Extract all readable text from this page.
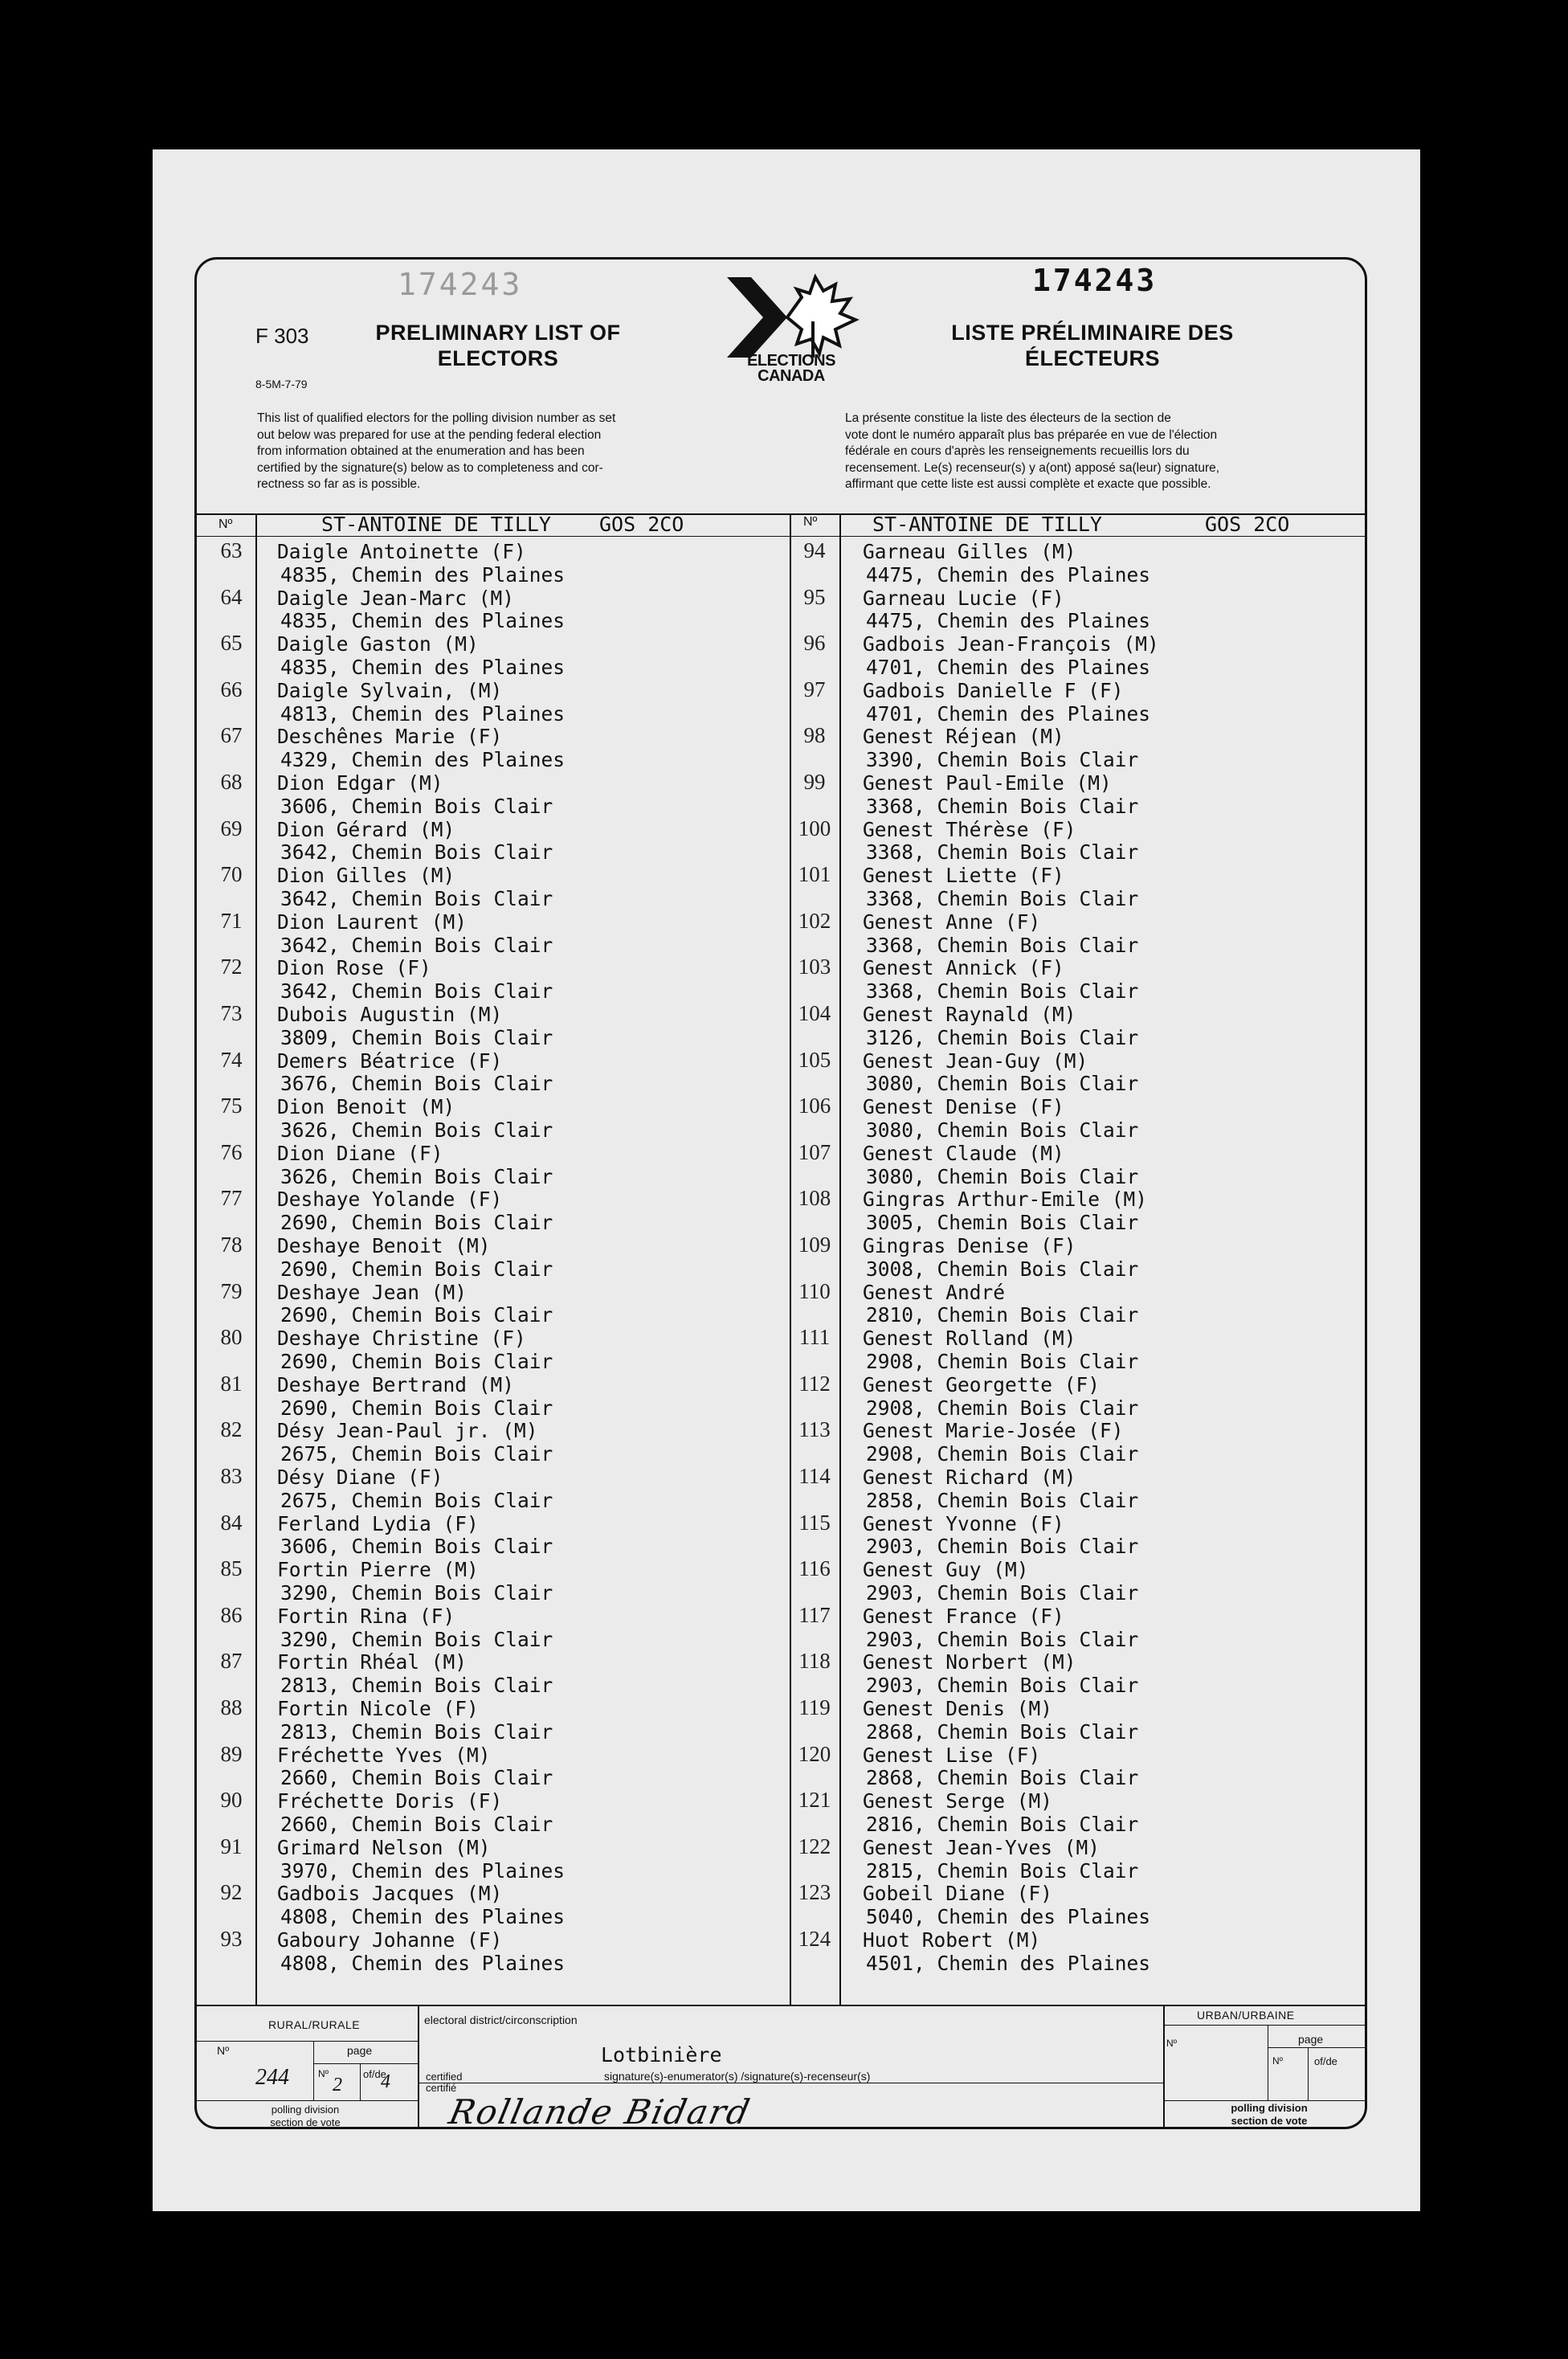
F 303
8-5M-7-79
PRELIMINARY LIST OF
ELECTORS	ELECTIONS
CANADA
174243	174243
LISTE PRÉLIMINAIRE DES
ÉLECTEURS
This list of qualified electors for the polling division number as set
out below was prepared for use at the pending federal election
from information obtained at the enumeration and has been
certified by the signature(s) below as to completeness and cor-
rectness so far as is possible.
La présente constitue la liste des électeurs de la section de
vote dont le numéro apparaît plus bas préparée en vue de l'élection
fédérale en cours d'après les renseignements recueillis lors du
recensement. Le(s) recenseur(s) y a(ont) apposé sa(leur) signature,
affirmant que cette liste est aussi complète et exacte que possible.
Nº	ST-ANTOINE DE TILLY GOS 2CO	Nº	ST-ANTOINE DE TILLY	GOS 2CO
63	Daigle Antoinette (F)
4835, Chemin des Plaines
64	Daigle Jean-Marc (M)
4835, Chemin des Plaines
65	Daigle Gaston (M)
4835, Chemin des Plaines
66	Daigle Sylvain, (M)
4813, Chemin des Plaines
67	Deschênes Marie (F)
4329, Chemin des Plaines
68	Dion Edgar (M)
3606, Chemin Bois Clair
69	Dion Gérard (M)
3642, Chemin Bois Clair
70	Dion Gilles (M)
3642, Chemin Bois Clair
71	Dion Laurent (M)
3642, Chemin Bois Clair
72	Dion Rose (F)
3642, Chemin Bois Clair
73	Dubois Augustin (M)
3809, Chemin Bois Clair
74	Demers Béatrice (F)
3676, Chemin Bois Clair
75	Dion Benoit (M)
3626, Chemin Bois Clair
76	Dion Diane (F)
3626, Chemin Bois Clair
77	Deshaye Yolande (F)
2690, Chemin Bois Clair
78	Deshaye Benoit (M)
2690, Chemin Bois Clair
79	Deshaye Jean (M)
2690, Chemin Bois Clair
80	Deshaye Christine (F)
2690, Chemin Bois Clair
81	Deshaye Bertrand (M)
2690, Chemin Bois Clair
82	Désy Jean-Paul jr. (M)
2675, Chemin Bois Clair
83	Désy Diane (F)
2675, Chemin Bois Clair
84	Ferland Lydia (F)
3606, Chemin Bois Clair
85	Fortin Pierre (M)
3290, Chemin Bois Clair
86	Fortin Rina (F)
3290, Chemin Bois Clair
87	Fortin Rhéal (M)
2813, Chemin Bois Clair
88	Fortin Nicole (F)
2813, Chemin Bois Clair
89	Fréchette Yves (M)
2660, Chemin Bois Clair
90	Fréchette Doris (F)
2660, Chemin Bois Clair
91	Grimard Nelson (M)
3970, Chemin des Plaines
92	Gadbois Jacques (M)
4808, Chemin des Plaines
93	Gaboury Johanne (F)
4808, Chemin des Plaines
94	Garneau Gilles (M)
4475, Chemin des Plaines
95	Garneau Lucie (F)
4475, Chemin des Plaines
96	Gadbois Jean-François (M)
4701, Chemin des Plaines
97	Gadbois Danielle F (F)
4701, Chemin des Plaines
98	Genest Réjean (M)
3390, Chemin Bois Clair
99	Genest Paul-Emile (M)
3368, Chemin Bois Clair
100	Genest Thérèse (F)
3368, Chemin Bois Clair
101	Genest Liette (F)
3368, Chemin Bois Clair
102	Genest Anne (F)
3368, Chemin Bois Clair
103	Genest Annick (F)
3368, Chemin Bois Clair
104	Genest Raynald (M)
3126, Chemin Bois Clair
105	Genest Jean-Guy (M)
3080, Chemin Bois Clair
106	Genest Denise (F)
3080, Chemin Bois Clair
107	Genest Claude (M)
3080, Chemin Bois Clair
108	Gingras Arthur-Emile (M)
3005, Chemin Bois Clair
109	Gingras Denise (F)
3008, Chemin Bois Clair
110	Genest André
2810, Chemin Bois Clair
111	Genest Rolland (M)
2908, Chemin Bois Clair
112	Genest Georgette (F)
2908, Chemin Bois Clair
113	Genest Marie-Josée (F)
2908, Chemin Bois Clair
114	Genest Richard (M)
2858, Chemin Bois Clair
115	Genest Yvonne (F)
2903, Chemin Bois Clair
116	Genest Guy (M)
2903, Chemin Bois Clair
117	Genest France (F)
2903, Chemin Bois Clair
118	Genest Norbert (M)
2903, Chemin Bois Clair
119	Genest Denis (M)
2868, Chemin Bois Clair
120	Genest Lise (F)
2868, Chemin Bois Clair
121	Genest Serge (M)
2816, Chemin Bois Clair
122	Genest Jean-Yves (M)
2815, Chemin Bois Clair
123	Gobeil Diane (F)
5040, Chemin des Plaines
124	Huot Robert (M)
4501, Chemin des Plaines
RURAL/RURALE
Nº	page
Nº	of/de
244 2 4
polling division
section de vote
electoral district/circonscription
Lotbinière
certified
certifié
signature(s)-enumerator(s) /signature(s)-recenseur(s)
Rollande Bidard
URBAN/URBAINE
Nº	page
Nº	of/de
polling division
section de vote
